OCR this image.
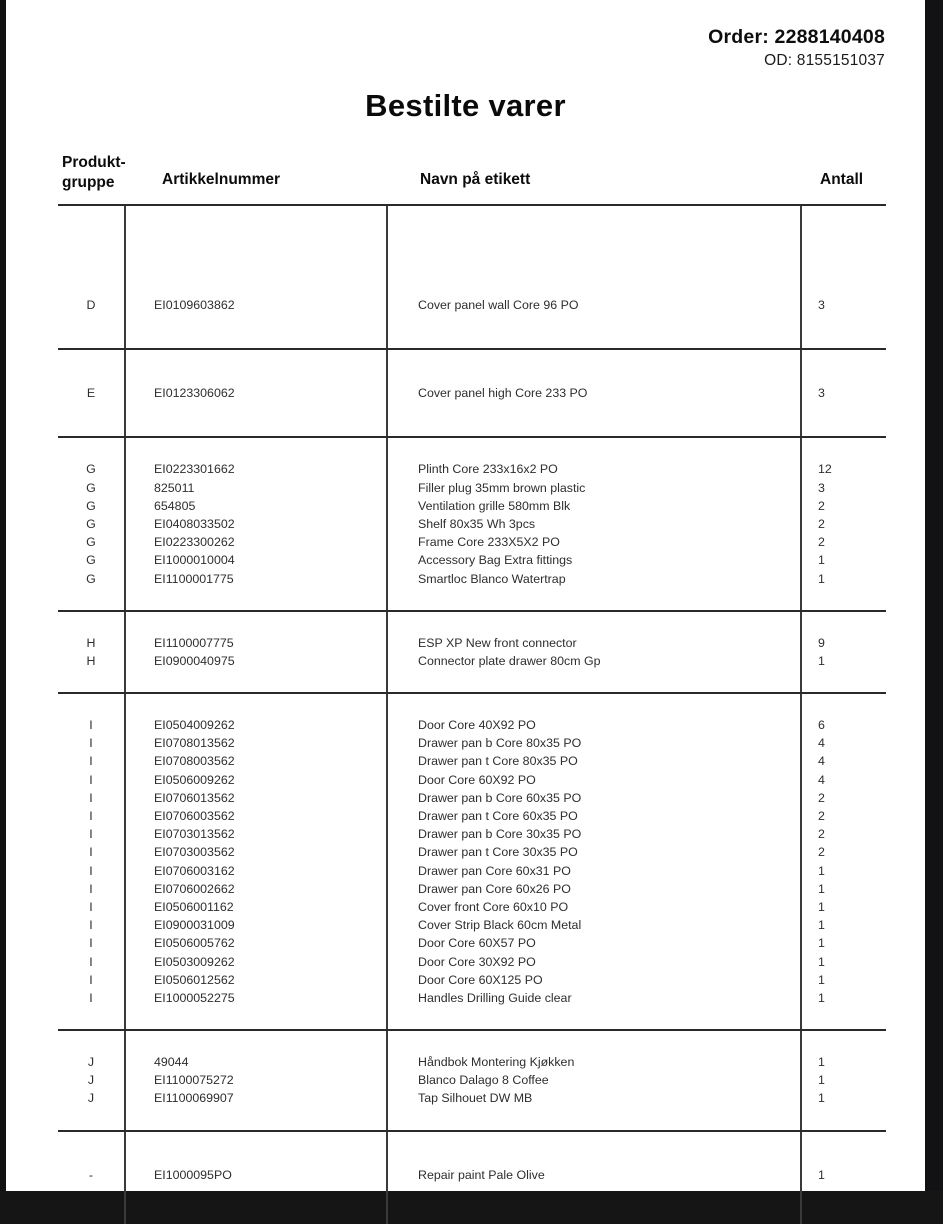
Order: 2288140408
OD: 8155151037
Bestilte varer
Produkt-
gruppe	Artikkelnummer	Navn på etikett	Antall
D	EI0109603862	Cover panel wall Core 96 PO	3
E	EI0123306062	Cover panel high Core 233 PO	3
G	EI0223301662	Plinth Core 233x16x2 PO	12
G	825011	Filler plug 35mm brown plastic	3
G	654805	Ventilation grille 580mm Blk	2
G	EI0408033502	Shelf 80x35 Wh 3pcs	2
G	EI0223300262	Frame Core 233X5X2 PO	2
G	EI1000010004	Accessory Bag Extra fittings	1
G	EI1100001775	Smartloc Blanco Watertrap	1
H	EI1100007775	ESP XP New front connector	9
H	EI0900040975	Connector plate drawer 80cm Gp	1
I	EI0504009262	Door Core 40X92 PO	6
I	EI0708013562	Drawer pan b Core 80x35 PO	4
I	EI0708003562	Drawer pan t Core 80x35 PO	4
I	EI0506009262	Door Core 60X92 PO	4
I	EI0706013562	Drawer pan b Core 60x35 PO	2
I	EI0706003562	Drawer pan t Core 60x35 PO	2
I	EI0703013562	Drawer pan b Core 30x35 PO	2
I	EI0703003562	Drawer pan t Core 30x35 PO	2
I	EI0706003162	Drawer pan Core 60x31 PO	1
I	EI0706002662	Drawer pan Core 60x26 PO	1
I	EI0506001162	Cover front Core 60x10 PO	1
I	EI0900031009	Cover Strip Black 60cm Metal	1
I	EI0506005762	Door Core 60X57 PO	1
I	EI0503009262	Door Core 30X92 PO	1
I	EI0506012562	Door Core 60X125 PO	1
I	EI1000052275	Handles Drilling Guide clear	1
J	49044	Håndbok Montering Kjøkken	1
J	EI1100075272	Blanco Dalago 8 Coffee	1
J	EI1100069907	Tap Silhouet DW MB	1
-	EI1000095PO	Repair paint Pale Olive	1
